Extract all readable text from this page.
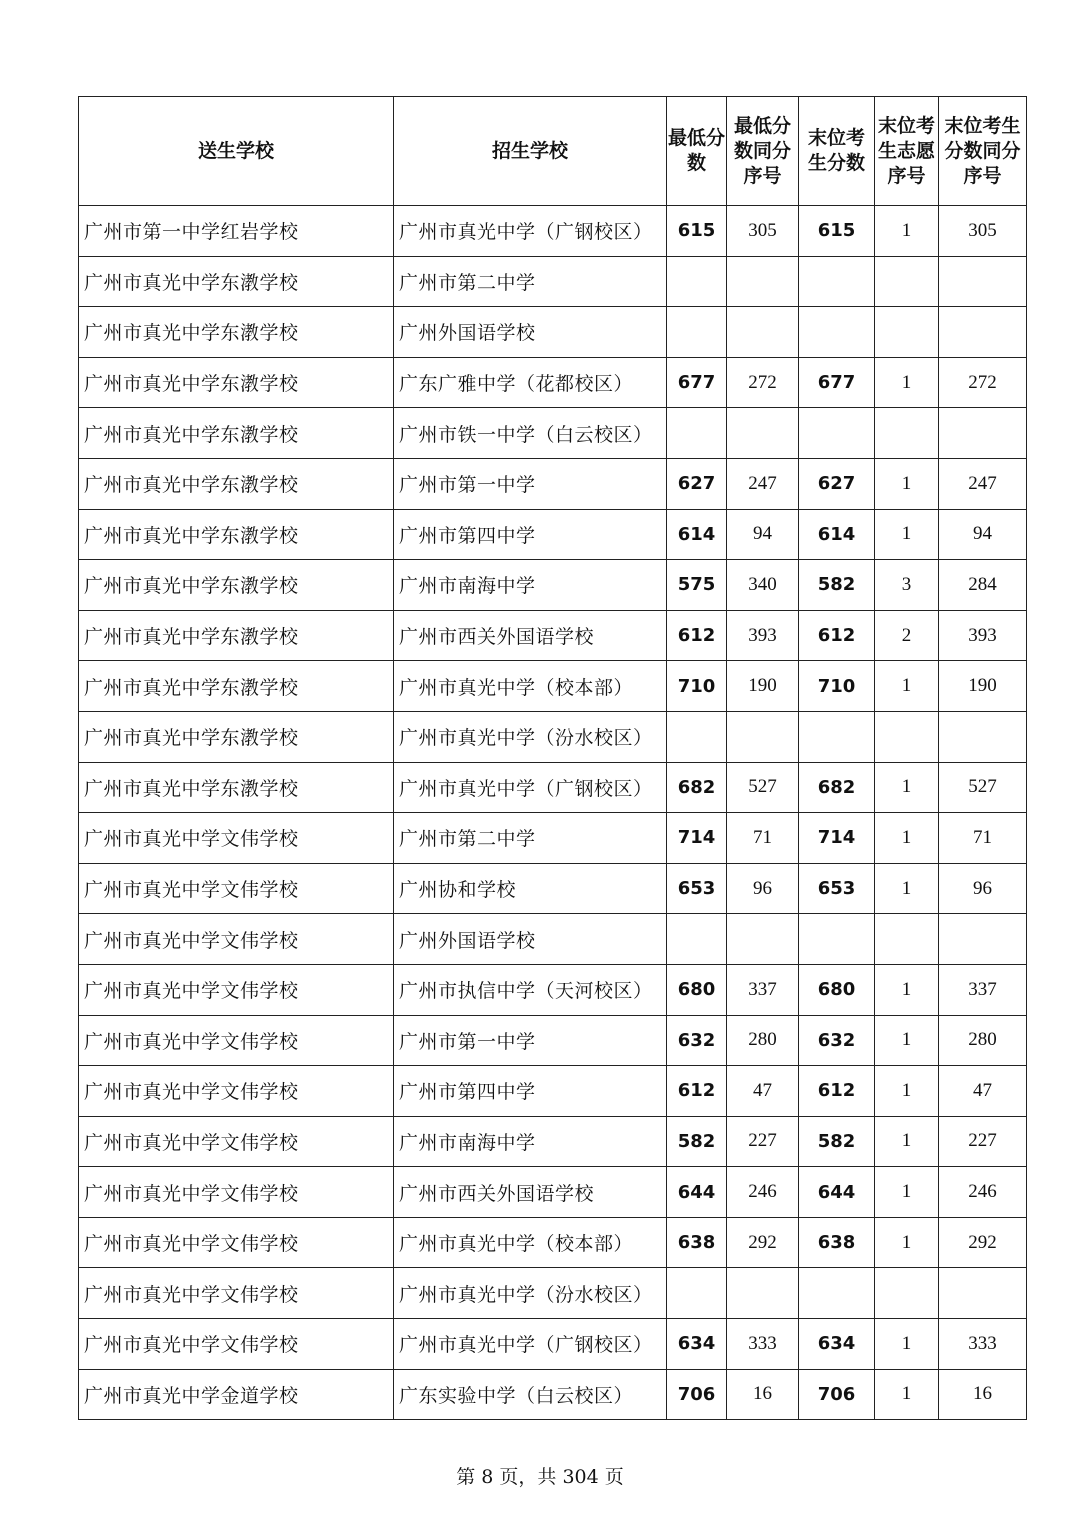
送生学校	招生学校	最低分数	最低分数同分序号	末位考生分数	末位考生志愿序号	末位考生分数同分序号
广州市第一中学红岩学校	广州市真光中学（广钢校区）	615	305	615	1	305
广州市真光中学东漖学校	广州市第二中学					
广州市真光中学东漖学校	广州外国语学校					
广州市真光中学东漖学校	广东广雅中学（花都校区）	677	272	677	1	272
广州市真光中学东漖学校	广州市铁一中学（白云校区）					
广州市真光中学东漖学校	广州市第一中学	627	247	627	1	247
广州市真光中学东漖学校	广州市第四中学	614	94	614	1	94
广州市真光中学东漖学校	广州市南海中学	575	340	582	3	284
广州市真光中学东漖学校	广州市西关外国语学校	612	393	612	2	393
广州市真光中学东漖学校	广州市真光中学（校本部）	710	190	710	1	190
广州市真光中学东漖学校	广州市真光中学（汾水校区）					
广州市真光中学东漖学校	广州市真光中学（广钢校区）	682	527	682	1	527
广州市真光中学文伟学校	广州市第二中学	714	71	714	1	71
广州市真光中学文伟学校	广州协和学校	653	96	653	1	96
广州市真光中学文伟学校	广州外国语学校					
广州市真光中学文伟学校	广州市执信中学（天河校区）	680	337	680	1	337
广州市真光中学文伟学校	广州市第一中学	632	280	632	1	280
广州市真光中学文伟学校	广州市第四中学	612	47	612	1	47
广州市真光中学文伟学校	广州市南海中学	582	227	582	1	227
广州市真光中学文伟学校	广州市西关外国语学校	644	246	644	1	246
广州市真光中学文伟学校	广州市真光中学（校本部）	638	292	638	1	292
广州市真光中学文伟学校	广州市真光中学（汾水校区）					
广州市真光中学文伟学校	广州市真光中学（广钢校区）	634	333	634	1	333
广州市真光中学金道学校	广东实验中学（白云校区）	706	16	706	1	16
第 8 页，共 304 页
